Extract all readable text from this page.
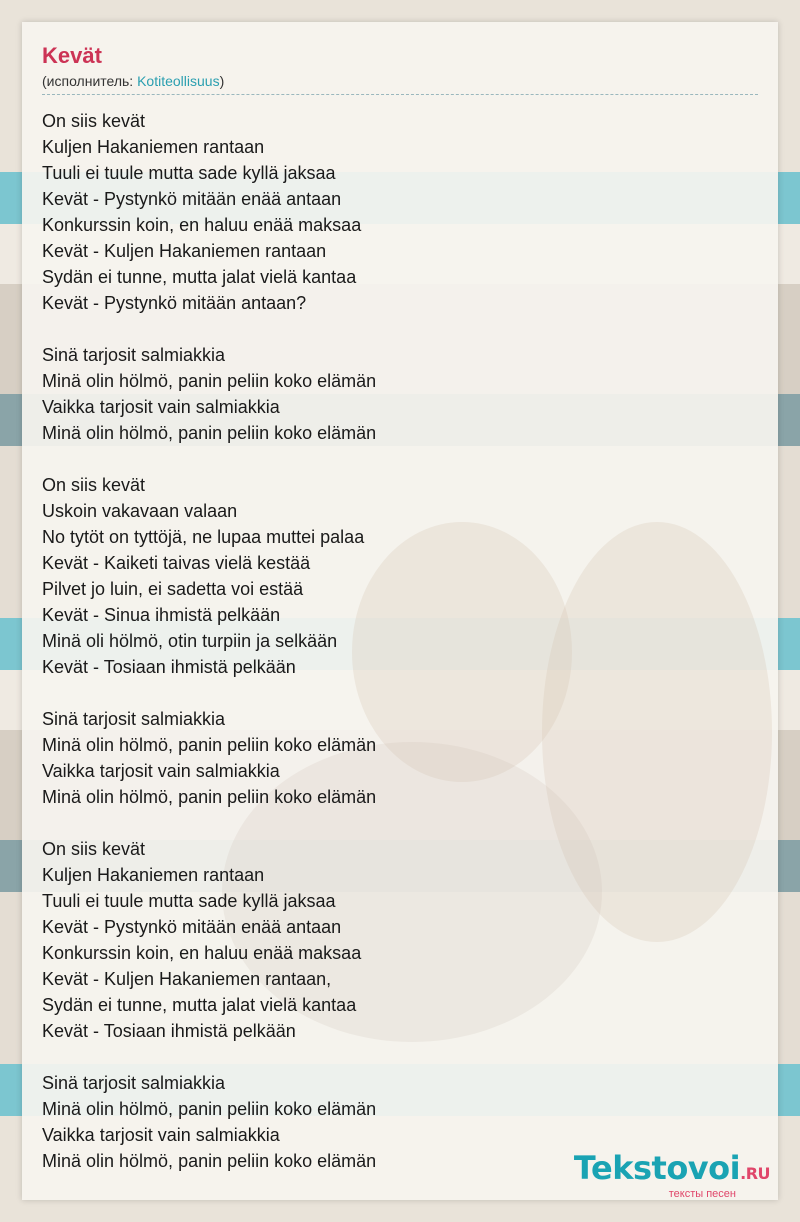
Kevät
(исполнитель: Kotiteollisuus)
On siis kevät
Kuljen Hakaniemen rantaan
Tuuli ei tuule mutta sade kyllä jaksaa
Kevät - Pystynkö mitään enää antaan
Konkurssin koin, en haluu enää maksaa
Kevät - Kuljen Hakaniemen rantaan
Sydän ei tunne, mutta jalat vielä kantaa
Kevät - Pystynkö mitään antaan?
Sinä tarjosit salmiakkia
Minä olin hölmö, panin peliin koko elämän
Vaikka tarjosit vain salmiakkia
Minä olin hölmö, panin peliin koko elämän
On siis kevät
Uskoin vakavaan valaan
No tytöt on tyttöjä, ne lupaa muttei palaa
Kevät - Kaiketi taivas vielä kestää
Pilvet jo luin, ei sadetta voi estää
Kevät - Sinua ihmistä pelkään
Minä oli hölmö, otin turpiin ja selkään
Kevät - Tosiaan ihmistä pelkään
Sinä tarjosit salmiakkia
Minä olin hölmö, panin peliin koko elämän
Vaikka tarjosit vain salmiakkia
Minä olin hölmö, panin peliin koko elämän
On siis kevät
Kuljen Hakaniemen rantaan
Tuuli ei tuule mutta sade kyllä jaksaa
Kevät - Pystynkö mitään enää antaan
Konkurssin koin, en haluu enää maksaa
Kevät - Kuljen Hakaniemen rantaan,
Sydän ei tunne, mutta jalat vielä kantaa
Kevät - Tosiaan ihmistä pelkään
Sinä tarjosit salmiakkia
Minä olin hölmö, panin peliin koko elämän
Vaikka tarjosit vain salmiakkia
Minä olin hölmö, panin peliin koko elämän	Tekstovoi.RU
тексты песен
